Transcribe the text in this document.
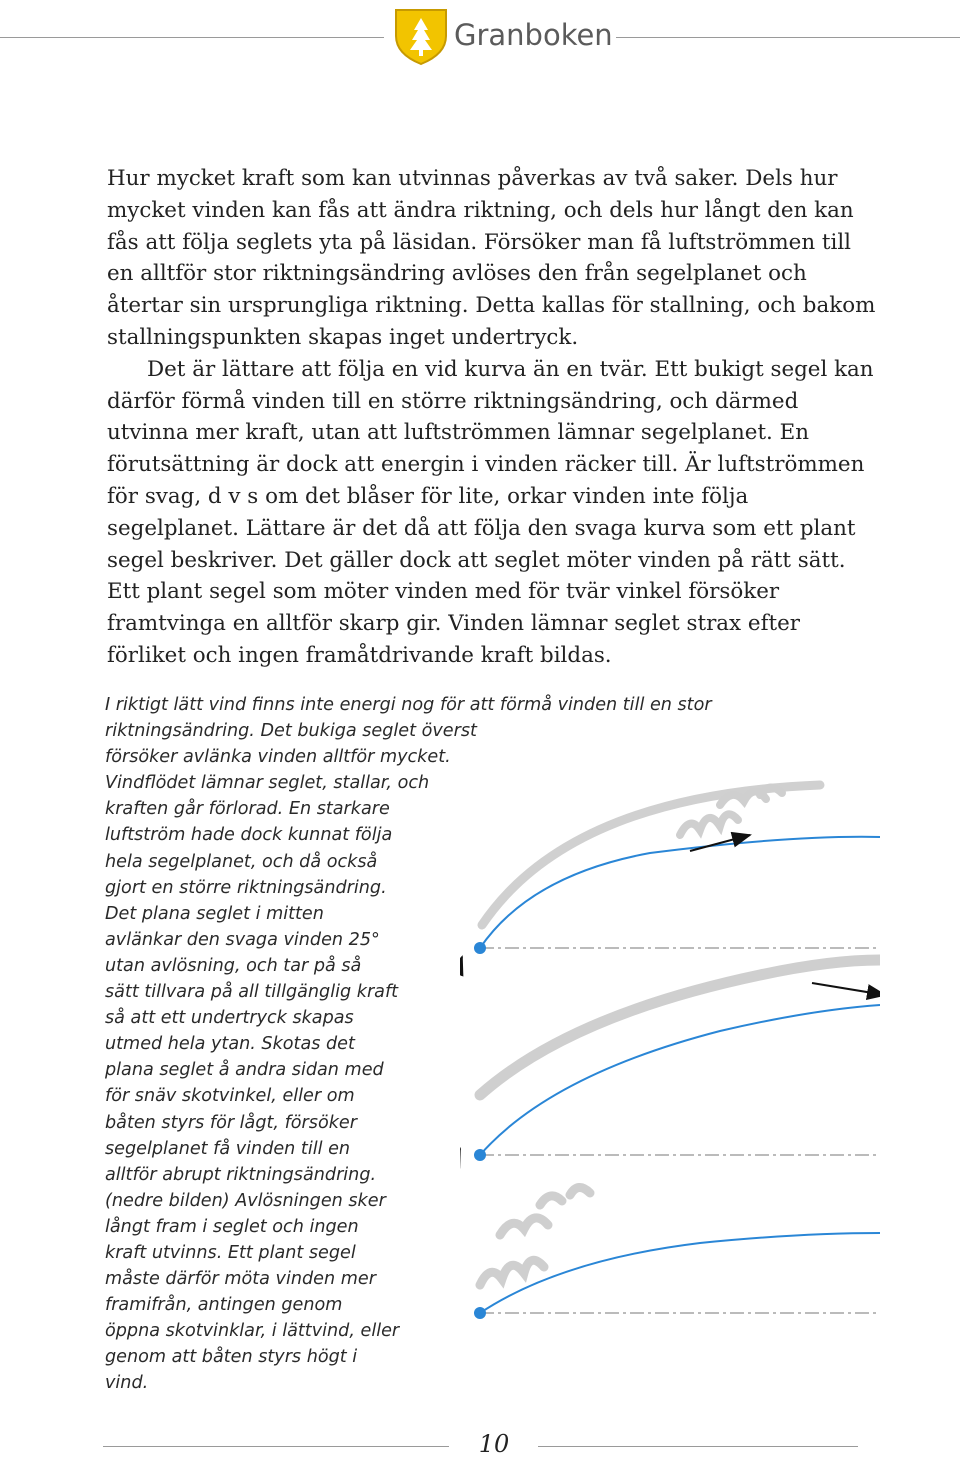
Granboken

Hur mycket kraft som kan utvinnas påverkas av två saker. Dels hur mycket vinden kan fås att ändra riktning, och dels hur långt den kan fås att följa seglets yta på läsidan. Försöker man få luftströmmen till en alltför stor riktningsändring avlöses den från segelplanet och återtar sin ursprungliga riktning. Detta kallas för stallning, och bakom stallningspunkten skapas inget undertryck.

Det är lättare att följa en vid kurva än en tvär. Ett bukigt segel kan därför förmå vinden till en större riktningsändring, och därmed utvinna mer kraft, utan att luftströmmen lämnar segelplanet. En förutsättning är dock att energin i vinden räcker till. Är luftströmmen för svag, d v s om det blåser för lite, orkar vinden inte följa segelplanet. Lättare är det då att följa den svaga kurva som ett plant segel beskriver. Det gäller dock att seglet möter vinden på rätt sätt. Ett plant segel som möter vinden med för tvär vinkel försöker framtvinga en alltför skarp gir. Vinden lämnar seglet strax efter förliket och ingen framåtdrivande kraft bildas.

I riktigt lätt vind finns inte energi nog för att förmå vinden till en stor
riktningsändring. Det bukiga seglet överst
försöker avlänka vinden alltför mycket.
Vindflödet lämnar seglet, stallar, och
kraften går förlorad. En starkare
luftström hade dock kunnat följa
hela segelplanet, och då också
gjort en större riktningsändring.
Det plana seglet i mitten
avlänkar den svaga vinden 25°
utan avlösning, och tar på så
sätt tillvara på all tillgänglig kraft
så att ett undertryck skapas
utmed hela ytan. Skotas det
plana seglet å andra sidan med
för snäv skotvinkel, eller om
båten styrs för lågt, försöker
segelplanet få vinden till en
alltför abrupt riktningsändring.
(nedre bilden) Avlösningen sker
långt fram i seglet och ingen
kraft utvinns. Ett plant segel
måste därför möta vinden mer
framifrån, antingen genom
öppna skotvinklar, i lättvind, eller
genom att båten styrs högt i
vind.
10
